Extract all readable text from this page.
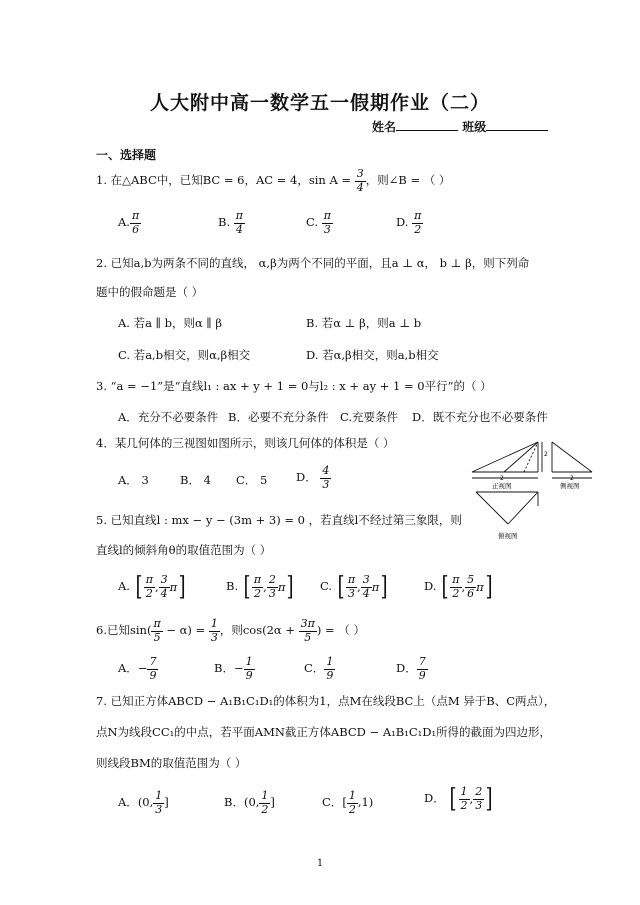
人大附中高一数学五一假期作业（二）
姓名	班级
一、选择题
1. 在△ABC中，已知BC = 6，AC = 4，$\sin A = \frac{3}{4}$ ，则∠B = （ ）
A. $\frac{\pi}{6}$	B. $\frac{\pi}{4}$	C. $\frac{\pi}{3}$	D. $\frac{\pi}{2}$
2. 已知a,b为两条不同的直线， α,β为两个不同的平面，且a ⊥ α， b ⊥ β，则下列命
题中的假命题是（ ）
A. 若a ∥ b，则α ∥ β	B. 若α ⊥ β，则a ⊥ b
C. 若a,b相交，则α,β相交	D. 若α,β相交，则a,b相交
3. “a = −1”是“直线l₁ : ax + y + 1 = 0与l₂ : x + ay + 1 = 0平行”的（ ）
A．充分不必要条件 B．必要不充分条件 C.充要条件 D．既不充分也不必要条件
4．某几何体的三视图如图所示，则该几何体的体积是（ ）
A． 3	B． 4 C． 5 D． $\frac{4}{3}$
2
2	2
正视图	侧视图
俯视图
5. 已知直线l : mx − y − (3m + 3) = 0 ，若直线l不经过第三象限，则
直线l的倾斜角θ的取值范围为（ ）
A. [ $\frac{\pi}{2}$ , $\frac{3}{4}$ π ]	B. [ $\frac{\pi}{2}$ , $\frac{2}{3}$ π ] C. [ $\frac{\pi}{3}$ , $\frac{3}{4}$ π ]	D. [ $\frac{\pi}{2}$ , $\frac{5}{6}$ π ]
6.已知$\sin( \frac{\pi}{5} - \alpha) = \frac{1}{3}$ ，则$\cos(2\alpha + \frac{3\pi}{5}$ ) = （ ）
A．− $\frac{7}{9}$	B．− $\frac{1}{9}$	C． $\frac{1}{9}$	D． $\frac{7}{9}$
7. 已知正方体ABCD − A₁B₁C₁D₁的体积为1，点M在线段BC上（点M 异于B、C两点），
点N为线段CC₁的中点，若平面AMN截正方体ABCD − A₁B₁C₁D₁所得的截面为四边形，
则线段BM的取值范围为（ ）
A．(0, $\frac{1}{3}$ ]	B．(0, $\frac{1}{2}$ ]	C．[ $\frac{1}{2} ,1$)	D． [ $\frac{1}{2}$ , $\frac{2}{3}$ ]
1
